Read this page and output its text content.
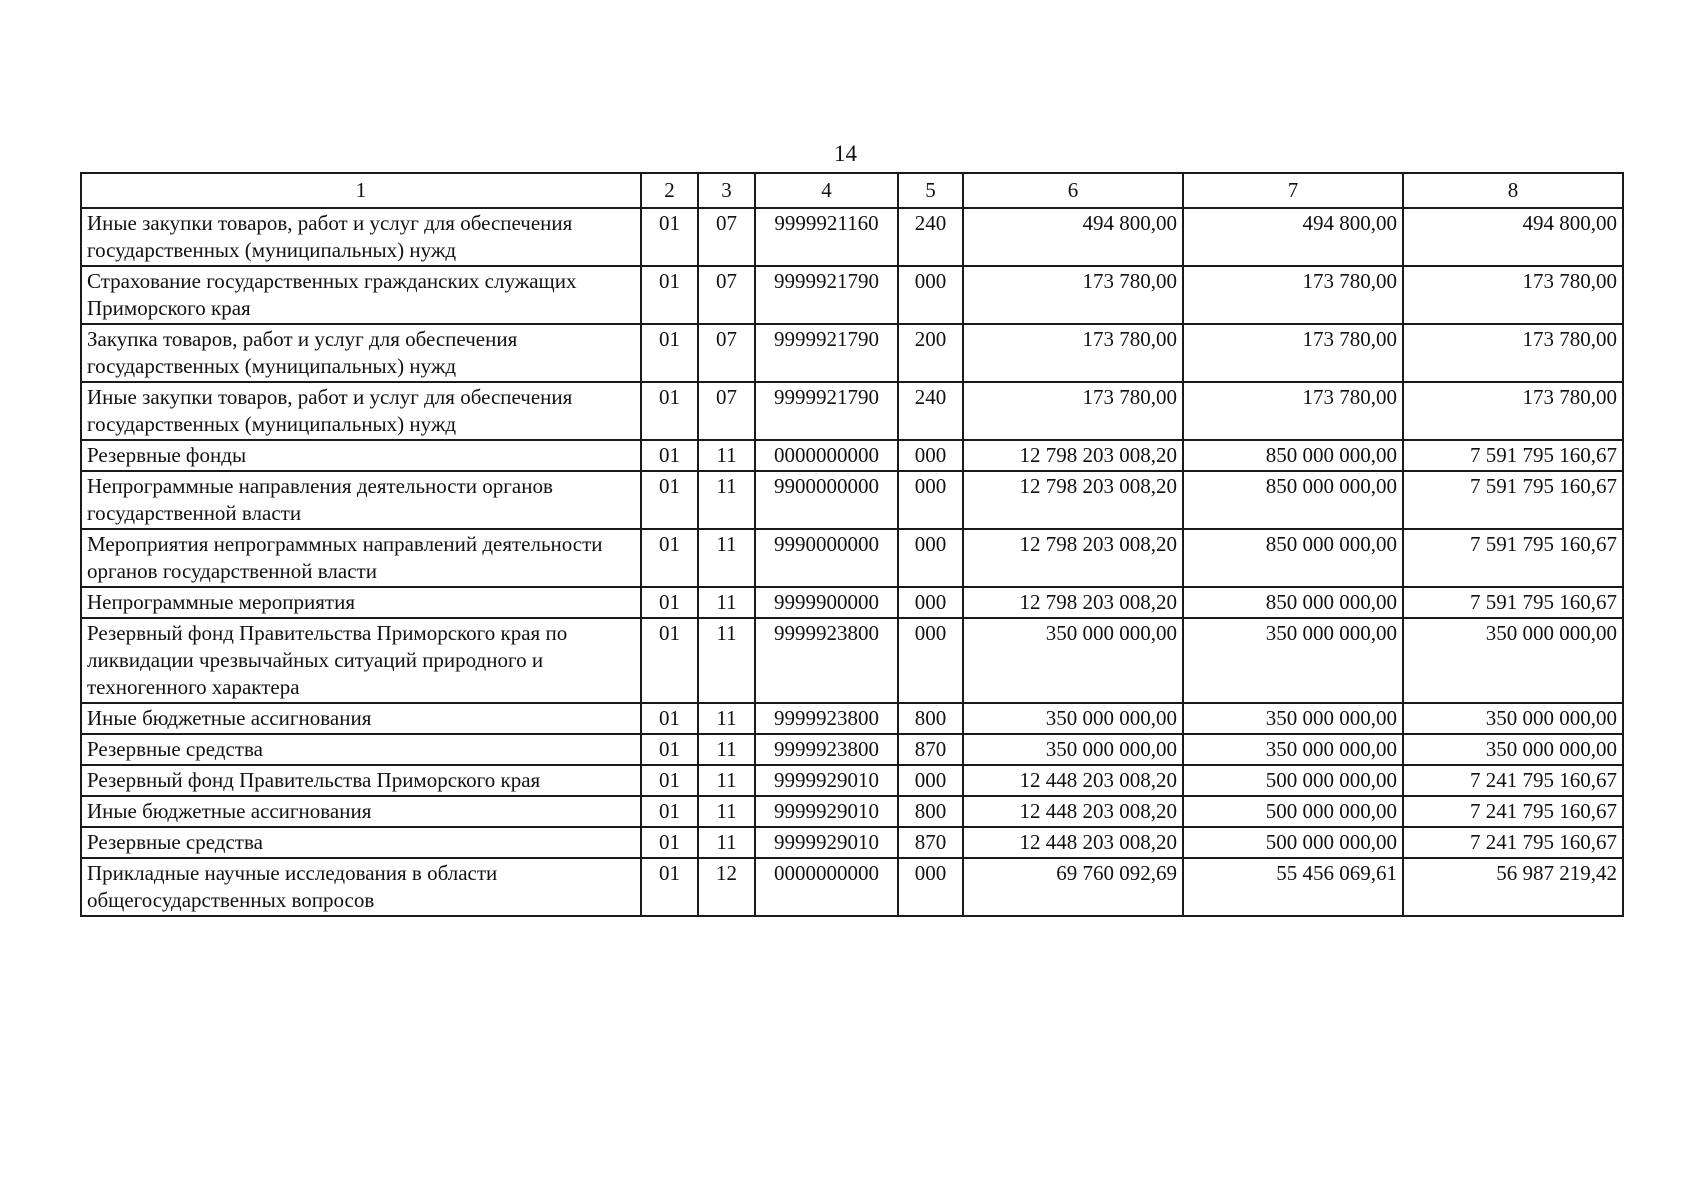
14
1	2	3	4	5	6	7	8
Иные закупки товаров, работ и услуг для обеспечения государственных (муниципальных) нужд	01	07	9999921160	240	494 800,00	494 800,00	494 800,00
Страхование государственных гражданских служащих Приморского края	01	07	9999921790	000	173 780,00	173 780,00	173 780,00
Закупка товаров, работ и услуг для обеспечения государственных (муниципальных) нужд	01	07	9999921790	200	173 780,00	173 780,00	173 780,00
Иные закупки товаров, работ и услуг для обеспечения государственных (муниципальных) нужд	01	07	9999921790	240	173 780,00	173 780,00	173 780,00
Резервные фонды	01	11	0000000000	000	12 798 203 008,20	850 000 000,00	7 591 795 160,67
Непрограммные направления деятельности органов государственной власти	01	11	9900000000	000	12 798 203 008,20	850 000 000,00	7 591 795 160,67
Мероприятия непрограммных направлений деятельности органов государственной власти	01	11	9990000000	000	12 798 203 008,20	850 000 000,00	7 591 795 160,67
Непрограммные мероприятия	01	11	9999900000	000	12 798 203 008,20	850 000 000,00	7 591 795 160,67
Резервный фонд Правительства Приморского края по ликвидации чрезвычайных ситуаций природного и техногенного характера	01	11	9999923800	000	350 000 000,00	350 000 000,00	350 000 000,00
Иные бюджетные ассигнования	01	11	9999923800	800	350 000 000,00	350 000 000,00	350 000 000,00
Резервные средства	01	11	9999923800	870	350 000 000,00	350 000 000,00	350 000 000,00
Резервный фонд Правительства Приморского края	01	11	9999929010	000	12 448 203 008,20	500 000 000,00	7 241 795 160,67
Иные бюджетные ассигнования	01	11	9999929010	800	12 448 203 008,20	500 000 000,00	7 241 795 160,67
Резервные средства	01	11	9999929010	870	12 448 203 008,20	500 000 000,00	7 241 795 160,67
Прикладные научные исследования в области общегосударственных вопросов	01	12	0000000000	000	69 760 092,69	55 456 069,61	56 987 219,42
